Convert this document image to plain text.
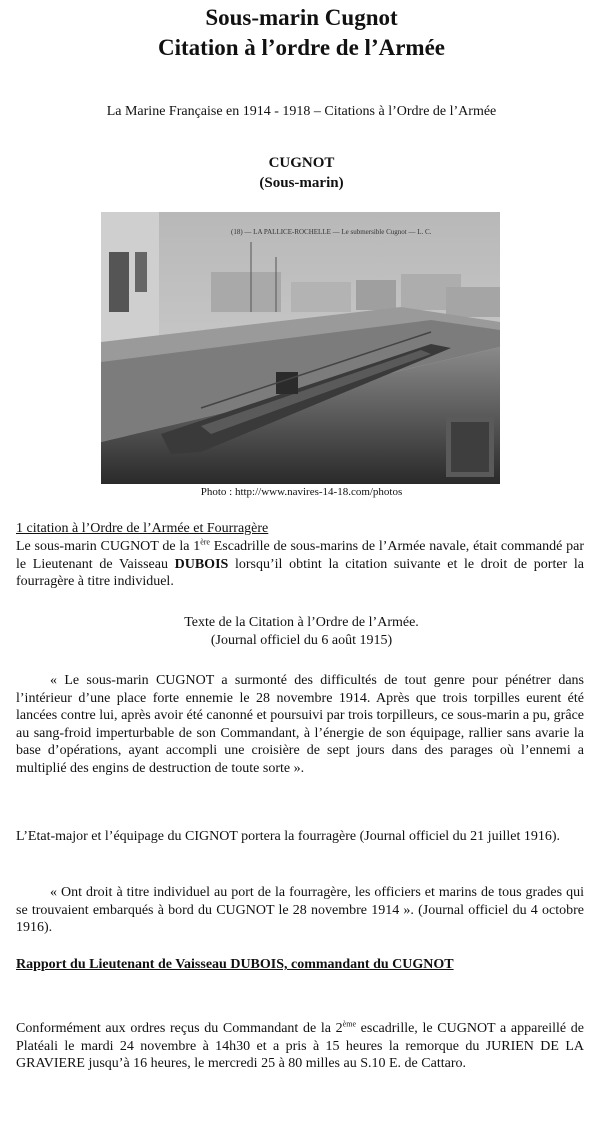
Sous-marin Cugnot
Citation à l’ordre de l’Armée
La Marine Française en 1914 - 1918 – Citations à l’Ordre de l’Armée
CUGNOT
(Sous-marin)
(18) — LA PALLICE-ROCHELLE — Le submersible Cugnot — L. C.
Photo : http://www.navires-14-18.com/photos
1 citation à l’Ordre de l’Armée et Fourragère
Le sous-marin CUGNOT de la 1ère Escadrille de sous-marins de l’Armée navale, était commandé par le Lieutenant de Vaisseau DUBOIS lorsqu’il obtint la citation suivante et le droit de porter la fourragère à titre individuel.
Texte de la Citation à l’Ordre de l’Armée.
(Journal officiel du 6 août 1915)
« Le sous-marin CUGNOT a surmonté des difficultés de tout genre pour pénétrer dans l’intérieur d’une place forte ennemie le 28 novembre 1914. Après que trois torpilles eurent été lancées contre lui, après avoir été canonné et poursuivi par trois torpilleurs, ce sous-marin a pu, grâce au sang-froid imperturbable de son Commandant, à l’énergie de son équipage, rallier sans avarie la base d’opérations, ayant accompli une croisière de sept jours dans des parages où l’ennemi a multiplié des engins de destruction de toute sorte ».
L’Etat-major et l’équipage du CIGNOT portera la fourragère (Journal officiel du 21 juillet 1916).
« Ont droit à titre individuel au port de la fourragère, les officiers et marins de tous grades qui se trouvaient embarqués à bord du CUGNOT le 28 novembre 1914 ». (Journal officiel du 4 octobre 1916).
Rapport du Lieutenant de Vaisseau DUBOIS, commandant du CUGNOT
Conformément aux ordres reçus du Commandant de la 2ème escadrille, le CUGNOT a appareillé de Platéali le mardi 24 novembre à 14h30 et a pris à 15 heures la remorque du JURIEN DE LA GRAVIERE jusqu’à 16 heures, le mercredi 25 à 80 milles au S.10 E. de Cattaro.
